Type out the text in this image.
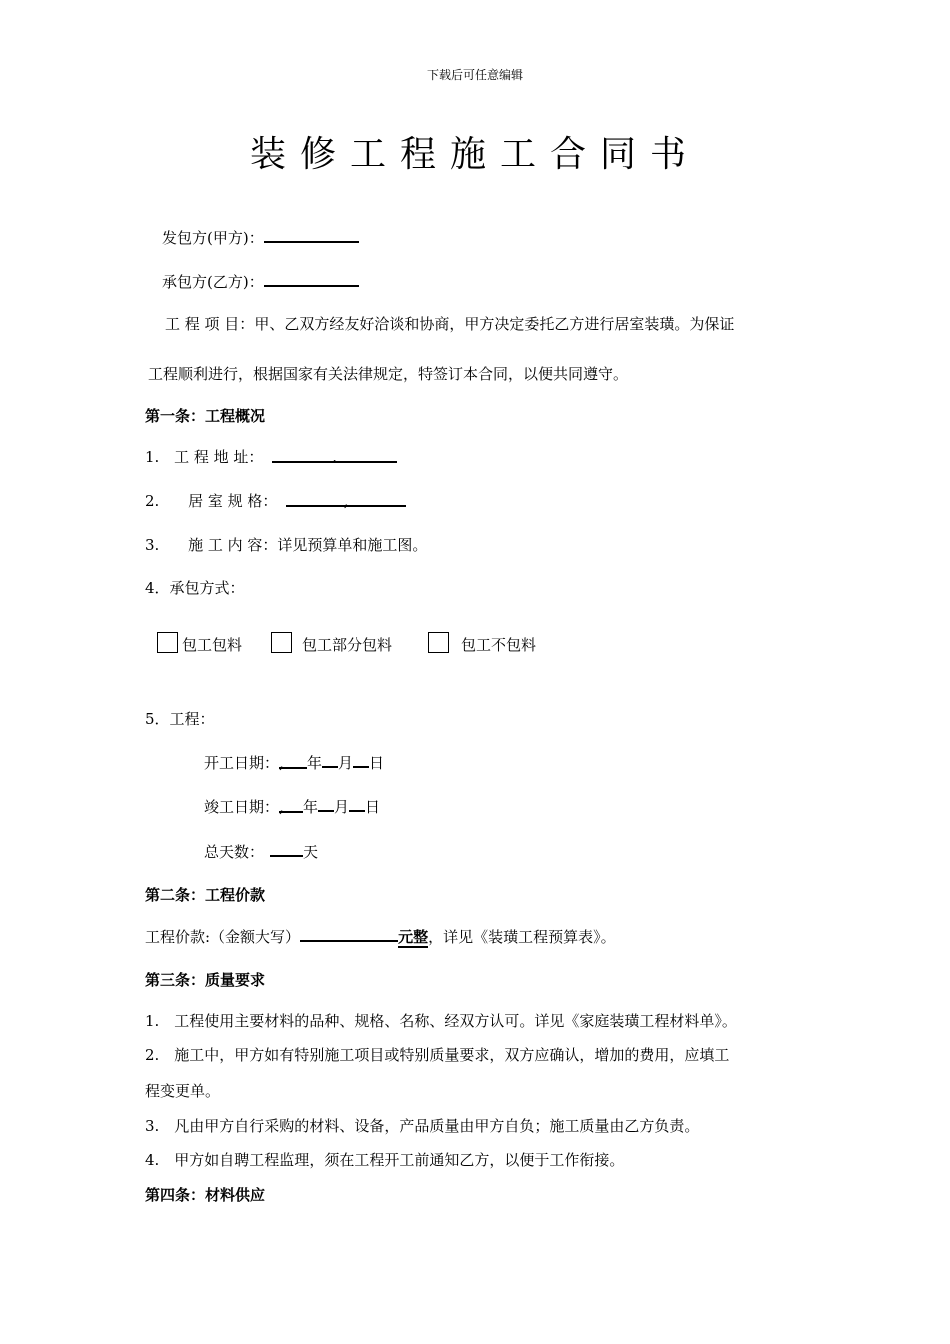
下载后可任意编辑
装修工程施工合同书
发包方(甲方)：
承包方(乙方)：
工 程 项 目：甲、乙双方经友好洽谈和协商，甲方决定委托乙方进行居室装璜。为保证
工程顺利进行，根据国家有关法律规定，特签订本合同，以便共同遵守。
第一条：工程概况
1. 工 程 地 址：	.
2. 居 室 规 格：	,
3. 施 工 内 容：详见预算单和施工图。
4．承包方式：
包工包料	包工部分包料	包工不包料
5．工程：
开工日期：, 年 月 日
竣工日期：, 年 月 日
总天数：	天
第二条：工程价款
工程价款:（金额大写）	元整，详见《装璜工程预算表》。
第三条：质量要求
1.　工程使用主要材料的品种、规格、名称、经双方认可。详见《家庭装璜工程材料单》。
2.　施工中，甲方如有特别施工项目或特别质量要求，双方应确认，增加的费用，应填工
程变更单。
3.　凡由甲方自行采购的材料、设备，产品质量由甲方自负；施工质量由乙方负责。
4.　甲方如自聘工程监理，须在工程开工前通知乙方，以便于工作衔接。
第四条：材料供应
